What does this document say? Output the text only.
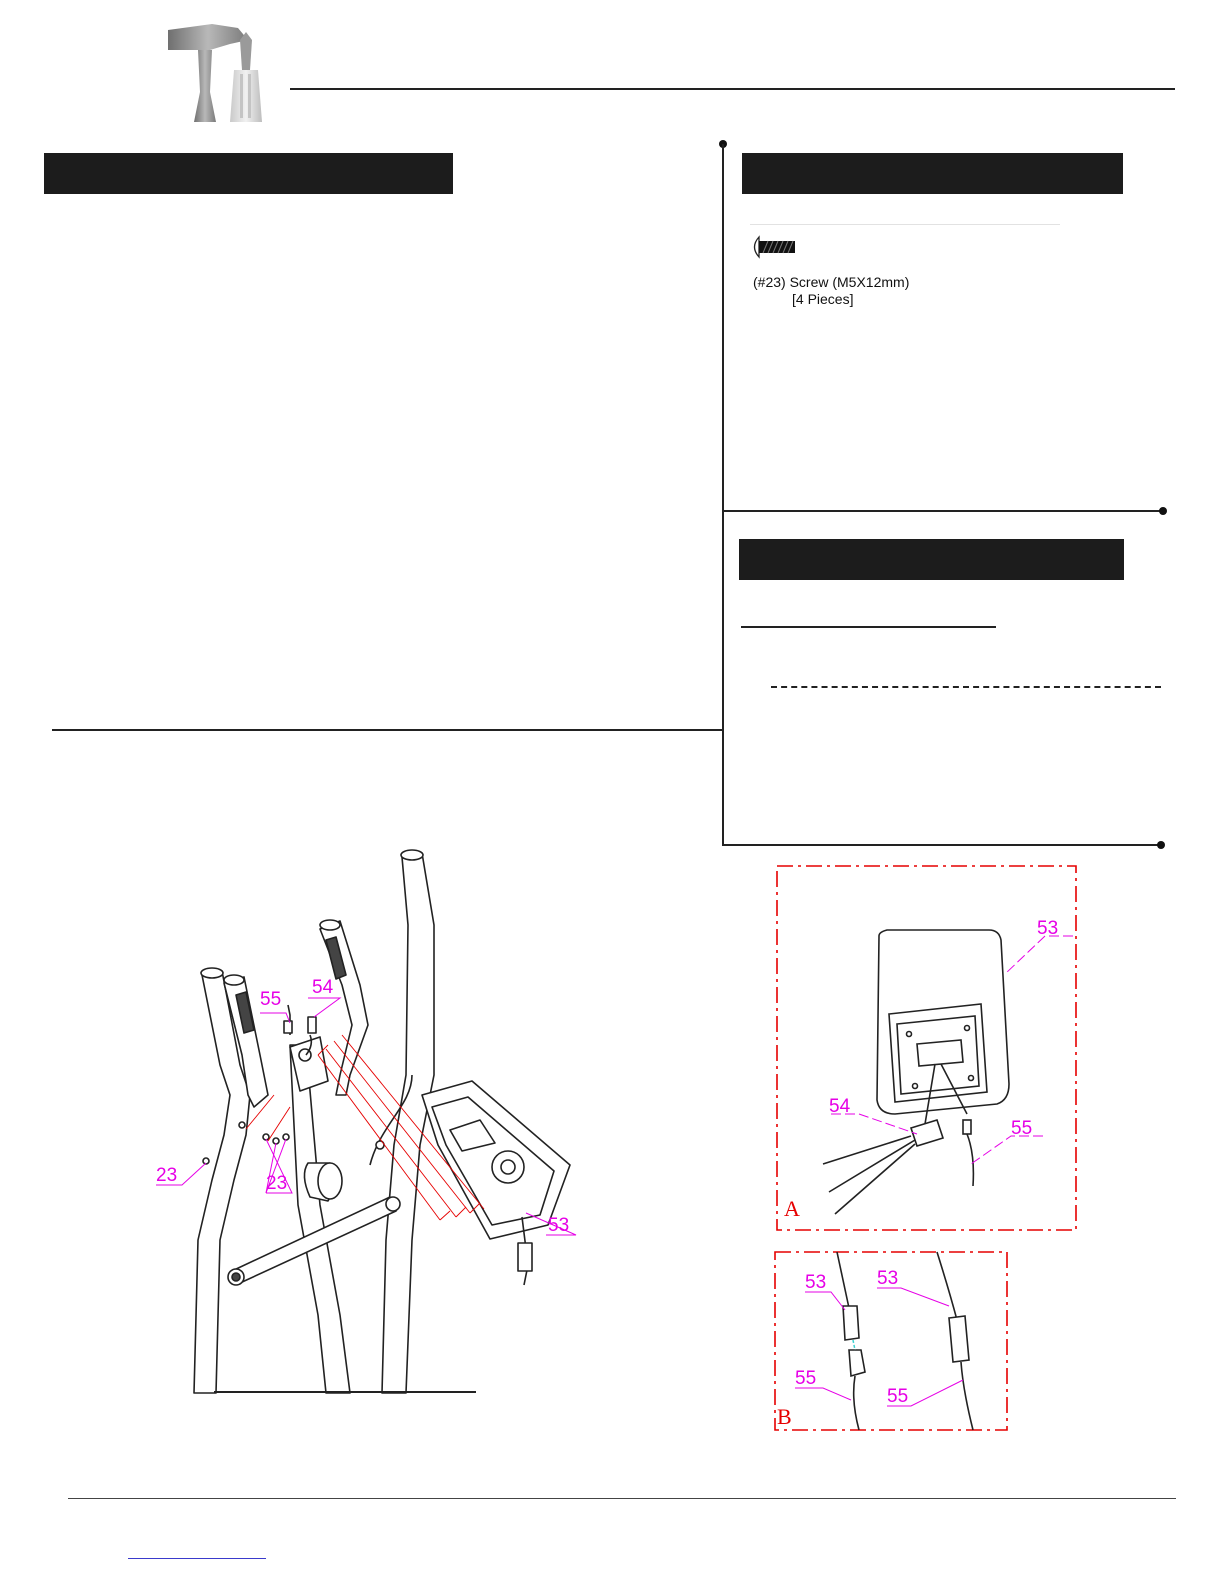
(#23) Screw (M5X12mm)
[4 Pieces]
55
54
23	23
53
53
54
55
A
53	53
55
55
B
